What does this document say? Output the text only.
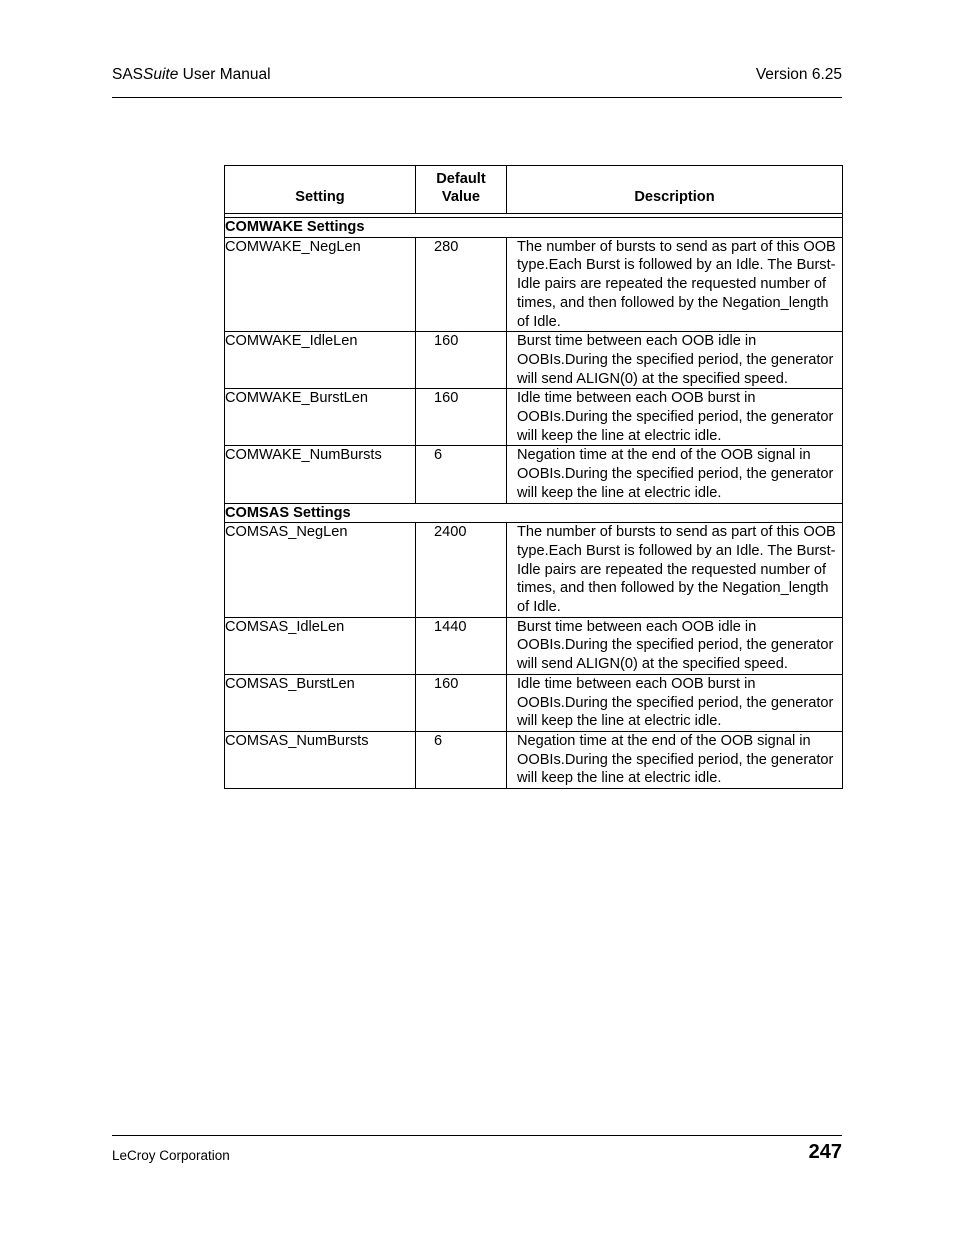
SASSuite User Manual	Version 6.25
Setting	Default Value	Description

COMWAKE Settings		
COMWAKE_NegLen	280	The number of bursts to send as part of this OOB type.Each Burst is followed by an Idle. The Burst-Idle pairs are repeated the requested number of times, and then followed by the Negation_length of Idle.
COMWAKE_IdleLen	160	Burst time between each OOB idle in OOBIs.During the specified period, the generator will send ALIGN(0) at the specified speed.
COMWAKE_BurstLen	160	Idle time between each OOB burst in OOBIs.During the specified period, the generator will keep the line at electric idle.
COMWAKE_NumBursts	6	Negation time at the end of the OOB signal in OOBIs.During the specified period, the generator will keep the line at electric idle.
COMSAS Settings		
COMSAS_NegLen	2400	The number of bursts to send as part of this OOB type.Each Burst is followed by an Idle. The Burst-Idle pairs are repeated the requested number of times, and then followed by the Negation_length of Idle.
COMSAS_IdleLen	1440	Burst time between each OOB idle in OOBIs.During the specified period, the generator will send ALIGN(0) at the specified speed.
COMSAS_BurstLen	160	Idle time between each OOB burst in OOBIs.During the specified period, the generator will keep the line at electric idle.
COMSAS_NumBursts	6	Negation time at the end of the OOB signal in OOBIs.During the specified period, the generator will keep the line at electric idle.
LeCroy Corporation	247
